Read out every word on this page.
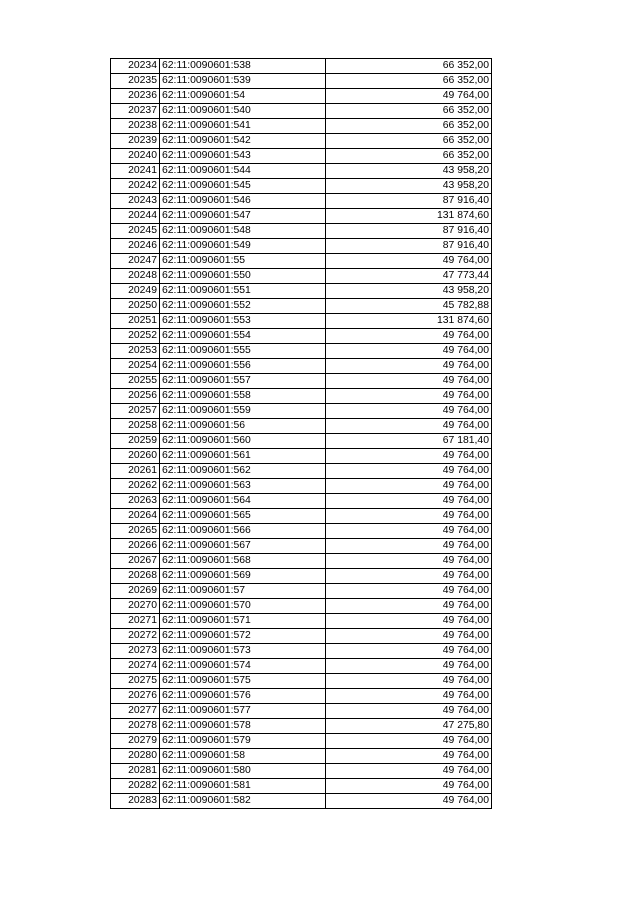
20234	62:11:0090601:538	66 352,00
20235	62:11:0090601:539	66 352,00
20236	62:11:0090601:54	49 764,00
20237	62:11:0090601:540	66 352,00
20238	62:11:0090601:541	66 352,00
20239	62:11:0090601:542	66 352,00
20240	62:11:0090601:543	66 352,00
20241	62:11:0090601:544	43 958,20
20242	62:11:0090601:545	43 958,20
20243	62:11:0090601:546	87 916,40
20244	62:11:0090601:547	131 874,60
20245	62:11:0090601:548	87 916,40
20246	62:11:0090601:549	87 916,40
20247	62:11:0090601:55	49 764,00
20248	62:11:0090601:550	47 773,44
20249	62:11:0090601:551	43 958,20
20250	62:11:0090601:552	45 782,88
20251	62:11:0090601:553	131 874,60
20252	62:11:0090601:554	49 764,00
20253	62:11:0090601:555	49 764,00
20254	62:11:0090601:556	49 764,00
20255	62:11:0090601:557	49 764,00
20256	62:11:0090601:558	49 764,00
20257	62:11:0090601:559	49 764,00
20258	62:11:0090601:56	49 764,00
20259	62:11:0090601:560	67 181,40
20260	62:11:0090601:561	49 764,00
20261	62:11:0090601:562	49 764,00
20262	62:11:0090601:563	49 764,00
20263	62:11:0090601:564	49 764,00
20264	62:11:0090601:565	49 764,00
20265	62:11:0090601:566	49 764,00
20266	62:11:0090601:567	49 764,00
20267	62:11:0090601:568	49 764,00
20268	62:11:0090601:569	49 764,00
20269	62:11:0090601:57	49 764,00
20270	62:11:0090601:570	49 764,00
20271	62:11:0090601:571	49 764,00
20272	62:11:0090601:572	49 764,00
20273	62:11:0090601:573	49 764,00
20274	62:11:0090601:574	49 764,00
20275	62:11:0090601:575	49 764,00
20276	62:11:0090601:576	49 764,00
20277	62:11:0090601:577	49 764,00
20278	62:11:0090601:578	47 275,80
20279	62:11:0090601:579	49 764,00
20280	62:11:0090601:58	49 764,00
20281	62:11:0090601:580	49 764,00
20282	62:11:0090601:581	49 764,00
20283	62:11:0090601:582	49 764,00
